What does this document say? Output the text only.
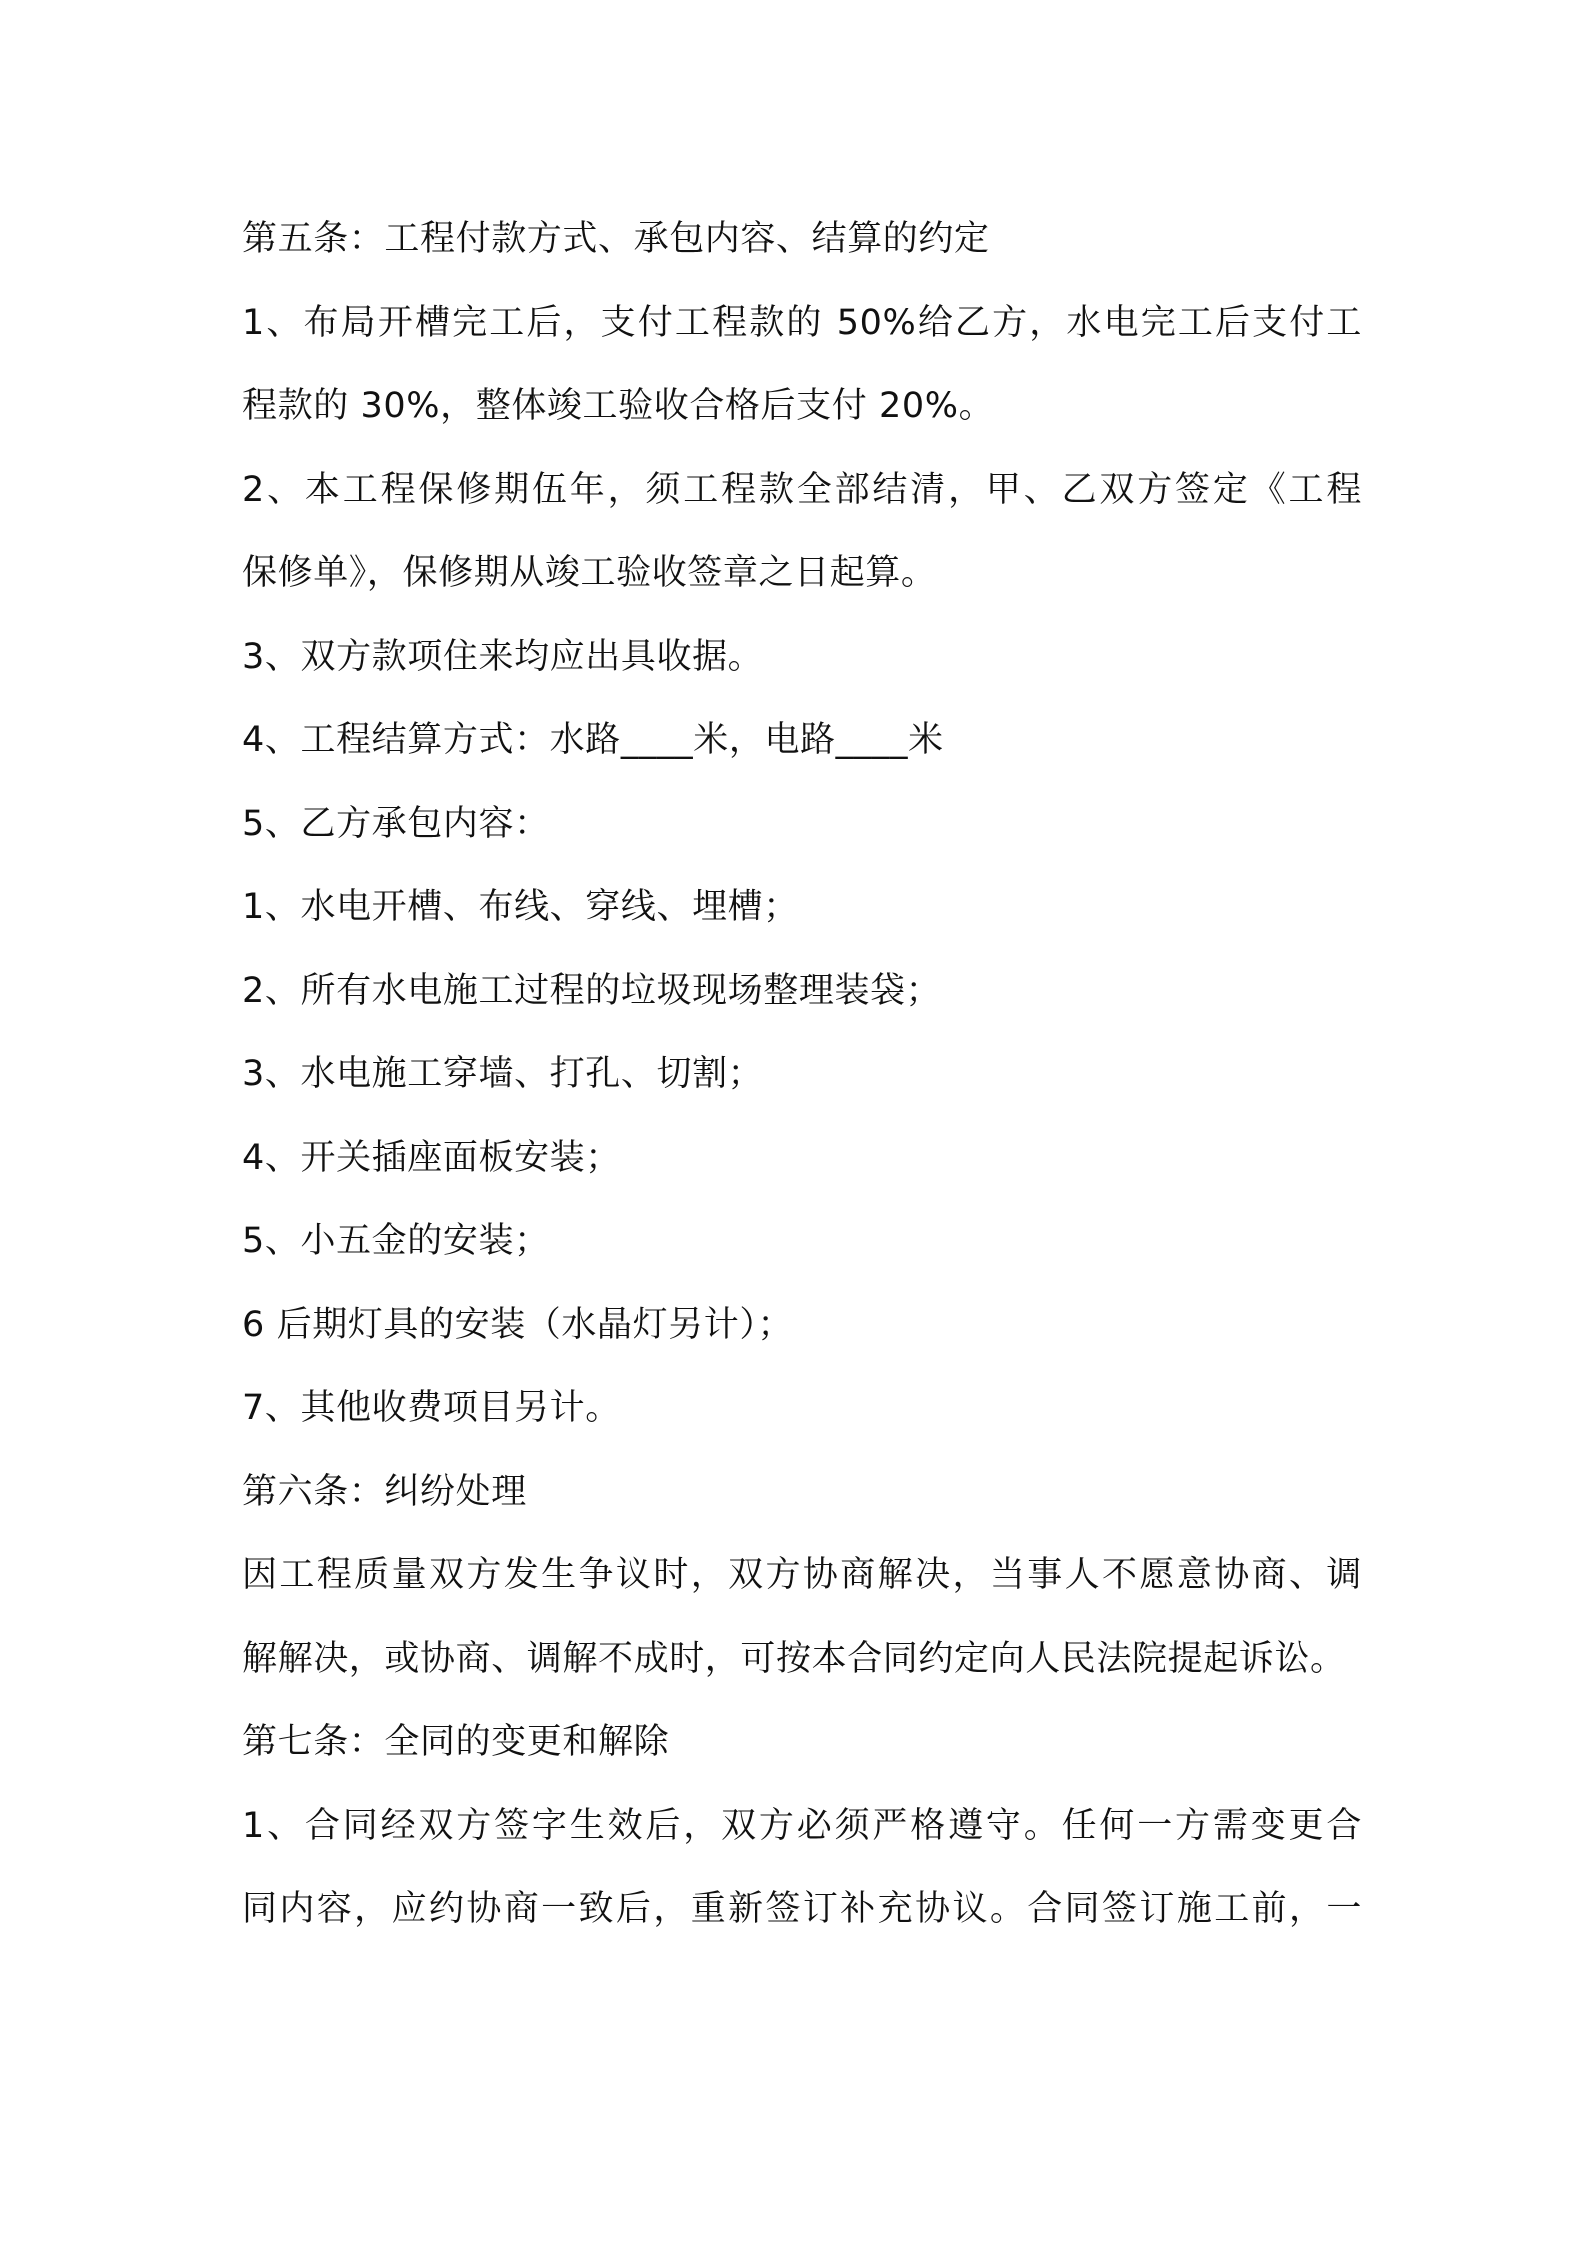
第五条：工程付款方式、承包内容、结算的约定
1、布局开槽完工后，支付工程款的 50%给乙方，水电完工后支付工
程款的 30%，整体竣工验收合格后支付 20%。
2、本工程保修期伍年，须工程款全部结清，甲、乙双方签定《工程
保修单》，保修期从竣工验收签章之日起算。
3、双方款项住来均应出具收据。
4、工程结算方式：水路____米，电路____米
5、乙方承包内容：
1、水电开槽、布线、穿线、埋槽；
2、所有水电施工过程的垃圾现场整理装袋；
3、水电施工穿墙、打孔、切割；
4、开关插座面板安装；
5、小五金的安装；
6 后期灯具的安装（水晶灯另计）；
7、其他收费项目另计。
第六条：纠纷处理
因工程质量双方发生争议时，双方协商解决，当事人不愿意协商、调
解解决，或协商、调解不成时，可按本合同约定向人民法院提起诉讼。
第七条：全同的变更和解除
1、合同经双方签字生效后，双方必须严格遵守。任何一方需变更合
同内容，应约协商一致后，重新签订补充协议。合同签订施工前，一
